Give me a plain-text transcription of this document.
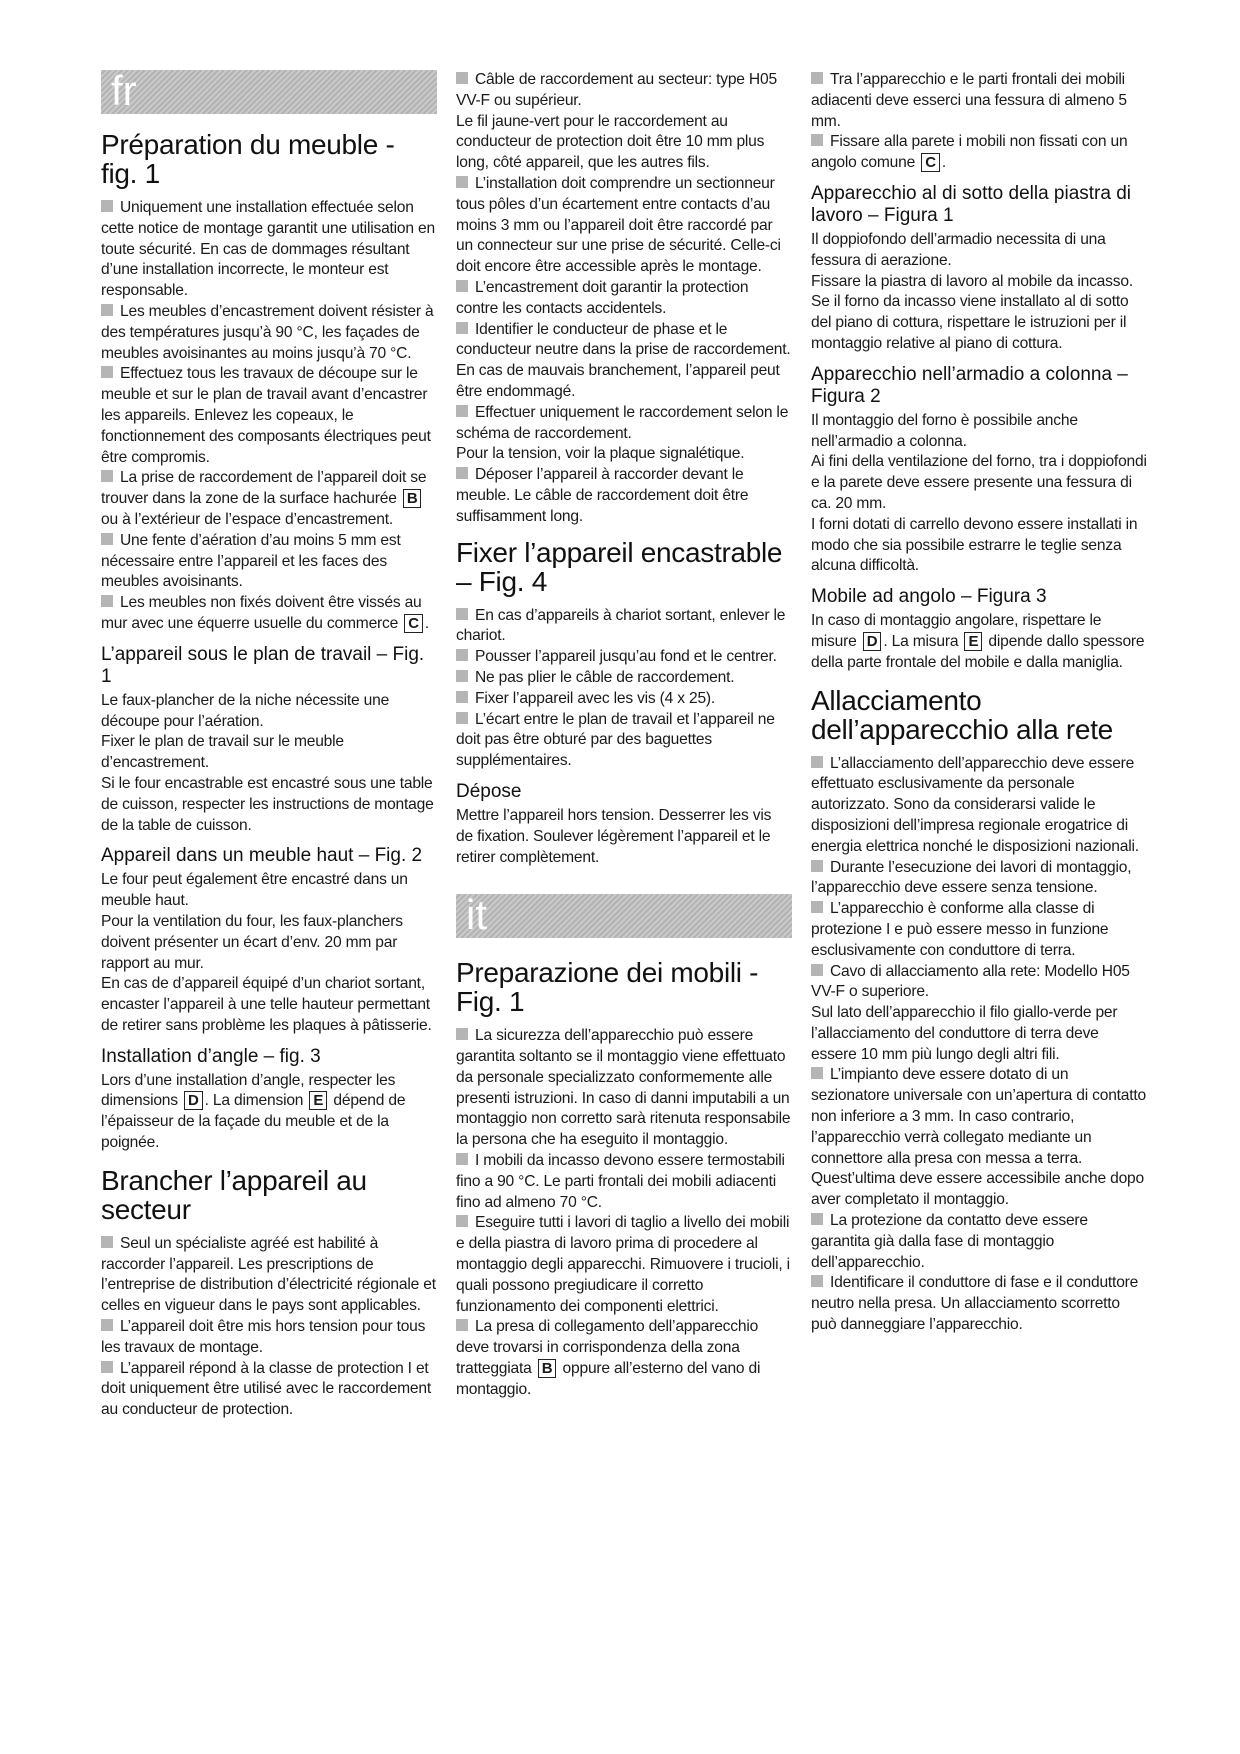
fr
Préparation du meuble - fig. 1

Uniquement une installation effectuée selon cette notice de montage garantit une utilisation en toute sécurité. En cas de dommages résultant d’une installation incorrecte, le monteur est responsable.

Les meubles d’encastrement doivent résister à des températures jusqu’à 90 °C, les façades de meubles avoisinantes au moins jusqu’à 70 °C.

Effectuez tous les travaux de découpe sur le meuble et sur le plan de travail avant d’encastrer les appareils. Enlevez les copeaux, le fonctionnement des composants électriques peut être compromis.

La prise de raccordement de l’appareil doit se trouver dans la zone de la surface hachurée B ou à l’extérieur de l’espace d’encastrement.

Une fente d’aération d’au moins 5 mm est nécessaire entre l’appareil et les faces des meubles avoisinants.

Les meubles non fixés doivent être vissés au mur avec une équerre usuelle du commerce C .

L’appareil sous le plan de travail – Fig. 1

Le faux-plancher de la niche nécessite une découpe pour l’aération.

Fixer le plan de travail sur le meuble d’encastrement.

Si le four encastrable est encastré sous une table de cuisson, respecter les instructions de montage de la table de cuisson.

Appareil dans un meuble haut – Fig. 2

Le four peut également être encastré dans un meuble haut.

Pour la ventilation du four, les faux-planchers doivent présenter un écart d’env. 20 mm par rapport au mur.

En cas de d’appareil équipé d’un chariot sortant, encaster l’appareil à une telle hauteur permettant de retirer sans problème les plaques à pâtisserie.

Installation d’angle – fig. 3

Lors d’une installation d’angle, respecter les dimensions D . La dimension E dépend de l’épaisseur de la façade du meuble et de la poignée.

Brancher l’appareil au secteur

Seul un spécialiste agréé est habilité à raccorder l’appareil. Les prescriptions de l’entreprise de distribution d’électricité régionale et celles en vigueur dans le pays sont applicables.

L’appareil doit être mis hors tension pour tous les travaux de montage.

L’appareil répond à la classe de protection I et doit uniquement être utilisé avec le raccordement au conducteur de protection.

Câble de raccordement au secteur: type H05 VV-F ou supérieur.

Le fil jaune-vert pour le raccordement au conducteur de protection doit être 10 mm plus long, côté appareil, que les autres fils.

L’installation doit comprendre un sectionneur tous pôles d’un écartement entre contacts d’au moins 3 mm ou l’appareil doit être raccordé par un connecteur sur une prise de sécurité. Celle-ci doit encore être accessible après le montage.

L’encastrement doit garantir la protection contre les contacts accidentels.

Identifier le conducteur de phase et le conducteur neutre dans la prise de raccordement. En cas de mauvais branchement, l’appareil peut être endommagé.

Effectuer uniquement le raccordement selon le schéma de raccordement.

Pour la tension, voir la plaque signalétique.

Déposer l’appareil à raccorder devant le meuble. Le câble de raccordement doit être suffisamment long.

Fixer l’appareil encastrable – Fig. 4

En cas d’appareils à chariot sortant, enlever le chariot.

Pousser l’appareil jusqu’au fond et le centrer.

Ne pas plier le câble de raccordement.

Fixer l’appareil avec les vis (4 x 25).

L’écart entre le plan de travail et l’appareil ne doit pas être obturé par des baguettes supplémentaires.

Dépose

Mettre l’appareil hors tension. Desserrer les vis de fixation. Soulever légèrement l’appareil et le retirer complètement.

it
Preparazione dei mobili - Fig. 1

La sicurezza dell’apparecchio può essere garantita soltanto se il montaggio viene effettuato da personale specializzato conformemente alle presenti istruzioni. In caso di danni imputabili a un montaggio non corretto sarà ritenuta responsabile la persona che ha eseguito il montaggio.

I mobili da incasso devono essere termostabili fino a 90 °C. Le parti frontali dei mobili adiacenti fino ad almeno 70 °C.

Eseguire tutti i lavori di taglio a livello dei mobili e della piastra di lavoro prima di procedere al montaggio degli apparecchi. Rimuovere i trucioli, i quali possono pregiudicare il corretto funzionamento dei componenti elettrici.

La presa di collegamento dell’apparecchio deve trovarsi in corrispondenza della zona tratteggiata B oppure all’esterno del vano di montaggio.

Tra l’apparecchio e le parti frontali dei mobili adiacenti deve esserci una fessura di almeno 5 mm.

Fissare alla parete i mobili non fissati con un angolo comune C .

Apparecchio al di sotto della piastra di lavoro – Figura 1

Il doppiofondo dell’armadio necessita di una fessura di aerazione.

Fissare la piastra di lavoro al mobile da incasso.

Se il forno da incasso viene installato al di sotto del piano di cottura, rispettare le istruzioni per il montaggio relative al piano di cottura.

Apparecchio nell’armadio a colonna – Figura 2

Il montaggio del forno è possibile anche nell’armadio a colonna.

Ai fini della ventilazione del forno, tra i doppiofondi e la parete deve essere presente una fessura di ca. 20 mm.

I forni dotati di carrello devono essere installati in modo che sia possibile estrarre le teglie senza alcuna difficoltà.

Mobile ad angolo – Figura 3

In caso di montaggio angolare, rispettare le misure D . La misura E dipende dallo spessore della parte frontale del mobile e dalla maniglia.

Allacciamento dell’apparecchio alla rete

L’allacciamento dell’apparecchio deve essere effettuato esclusivamente da personale autorizzato. Sono da considerarsi valide le disposizioni dell’impresa regionale erogatrice di energia elettrica nonché le disposizioni nazionali.

Durante l’esecuzione dei lavori di montaggio, l’apparecchio deve essere senza tensione.

L’apparecchio è conforme alla classe di protezione I e può essere messo in funzione esclusivamente con conduttore di terra.

Cavo di allacciamento alla rete: Modello H05 VV-F o superiore.

Sul lato dell’apparecchio il filo giallo-verde per l’allacciamento del conduttore di terra deve essere 10 mm più lungo degli altri fili.

L’impianto deve essere dotato di un sezionatore universale con un’apertura di contatto non inferiore a 3 mm. In caso contrario, l’apparecchio verrà collegato mediante un connettore alla presa con messa a terra. Quest’ultima deve essere accessibile anche dopo aver completato il montaggio.

La protezione da contatto deve essere garantita già dalla fase di montaggio dell’apparecchio.

Identificare il conduttore di fase e il conduttore neutro nella presa. Un allacciamento scorretto può danneggiare l’apparecchio.
